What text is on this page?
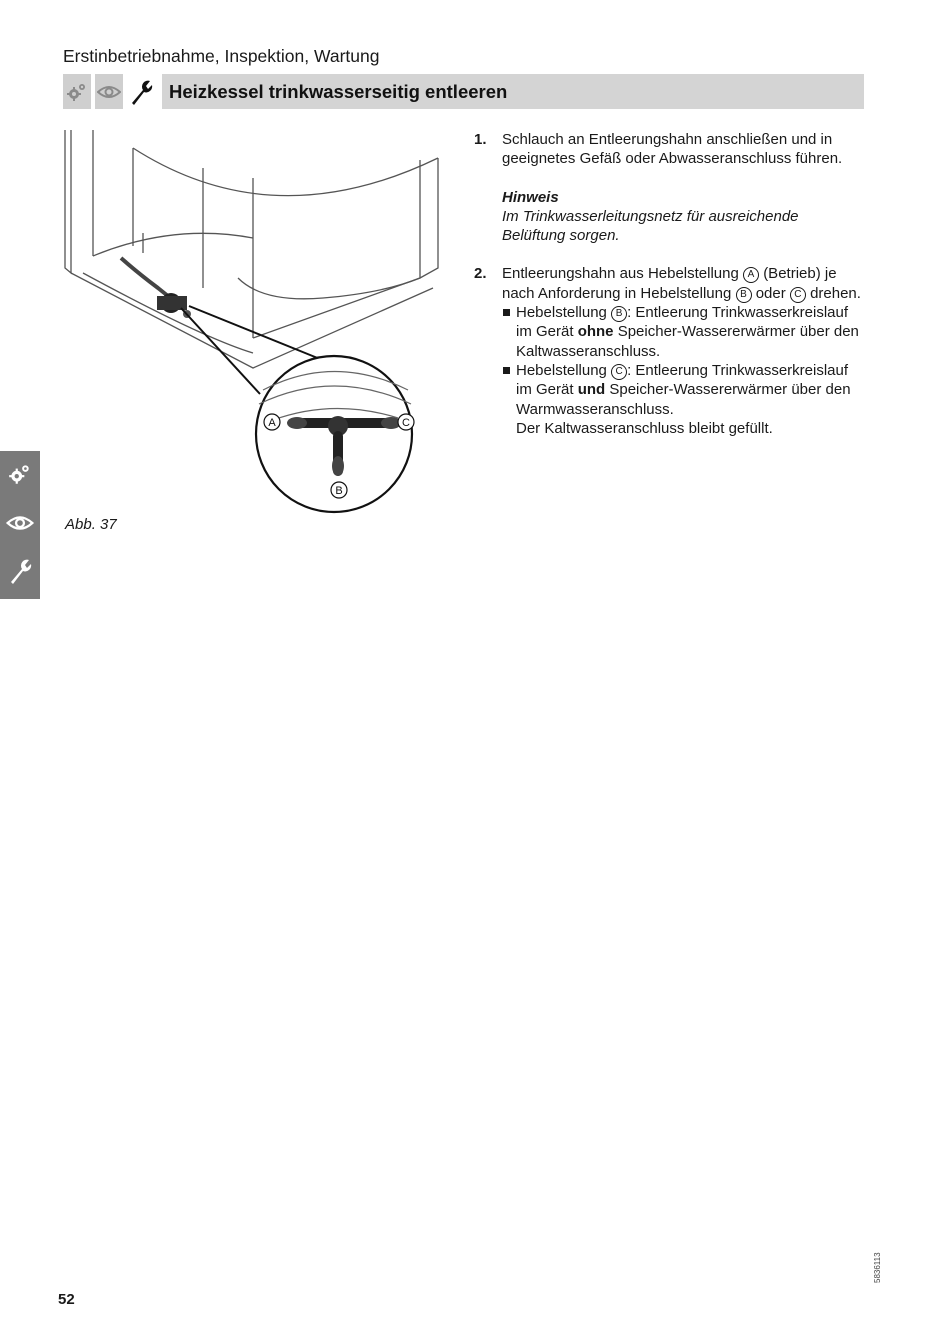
Erstinbetriebnahme, Inspektion, Wartung
Heizkessel trinkwasserseitig entleeren
A	C
B
Abb. 37
1. Schlauch an Entleerungshahn anschließen und in geeignetes Gefäß oder Abwasseranschluss führen.
Hinweis
Im Trinkwasserleitungsnetz für ausreichende Belüftung sorgen.
2. Entleerungshahn aus Hebelstellung A (Betrieb) je nach Anforderung in Hebelstellung B oder C drehen.
Hebelstellung B : Entleerung Trinkwasserkreislauf im Gerät ohne Speicher-Wassererwärmer über den Kaltwasseranschluss.
Hebelstellung C : Entleerung Trinkwasserkreislauf im Gerät und Speicher-Wassererwärmer über den Warmwasseranschluss.
Der Kaltwasseranschluss bleibt gefüllt.
52
5836113
